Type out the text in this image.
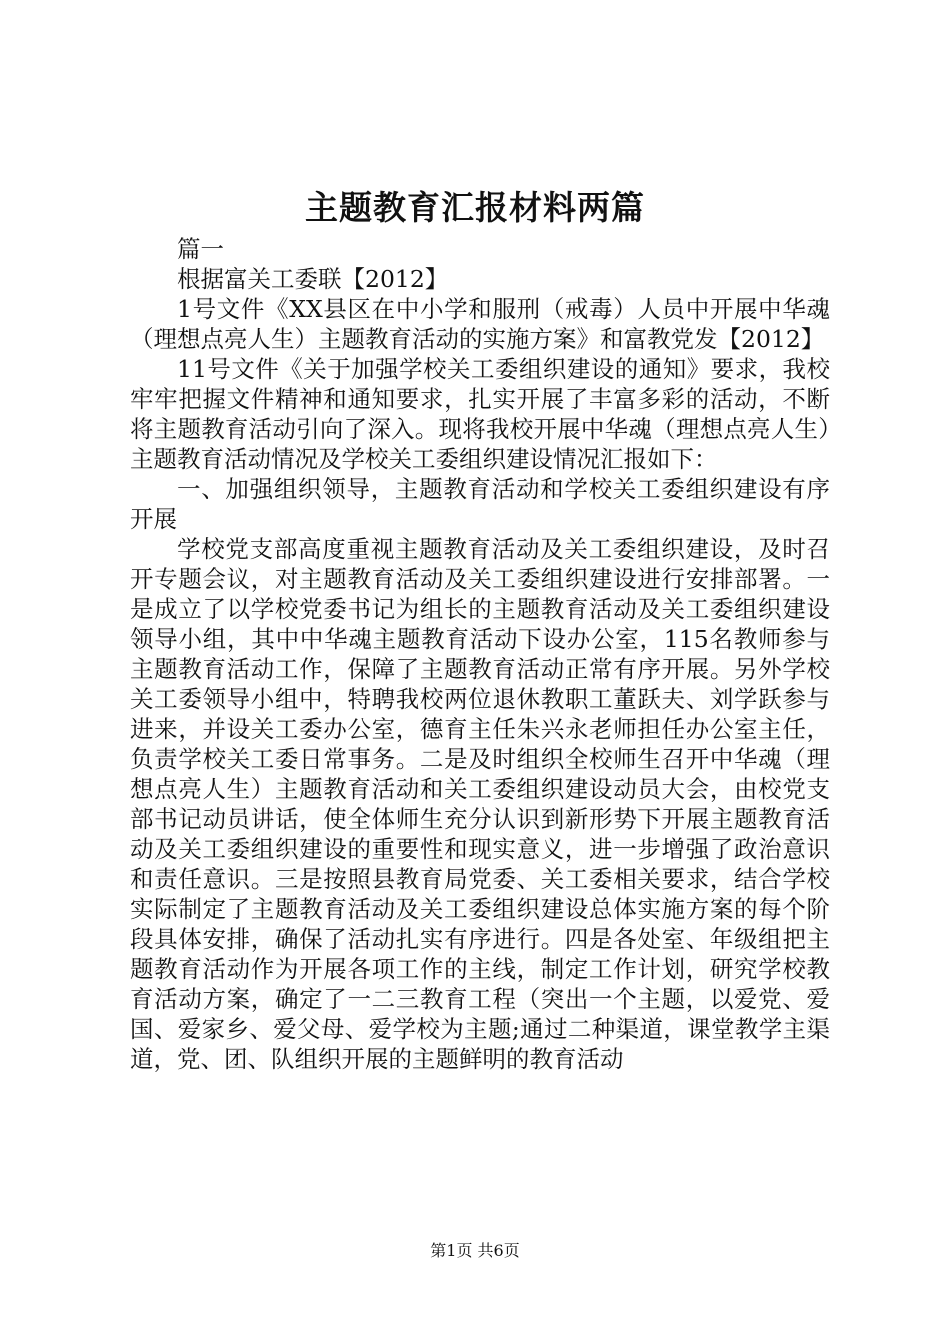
主题教育汇报材料两篇

篇一

根据富关工委联【2012】

1号文件《XX县区在中小学和服刑（戒毒）人员中开展中华魂（理想点亮人生）主题教育活动的实施方案》和富教党发【2012】

11号文件《关于加强学校关工委组织建设的通知》要求，我校牢牢把握文件精神和通知要求，扎实开展了丰富多彩的活动，不断将主题教育活动引向了深入。现将我校开展中华魂（理想点亮人生）主题教育活动情况及学校关工委组织建设情况汇报如下：

一、加强组织领导，主题教育活动和学校关工委组织建设有序开展

学校党支部高度重视主题教育活动及关工委组织建设，及时召开专题会议，对主题教育活动及关工委组织建设进行安排部署。一是成立了以学校党委书记为组长的主题教育活动及关工委组织建设领导小组，其中中华魂主题教育活动下设办公室，115名教师参与主题教育活动工作，保障了主题教育活动正常有序开展。另外学校关工委领导小组中，特聘我校两位退休教职工董跃夫、刘学跃参与进来，并设关工委办公室，德育主任朱兴永老师担任办公室主任，负责学校关工委日常事务。二是及时组织全校师生召开中华魂（理想点亮人生）主题教育活动和关工委组织建设动员大会，由校党支部书记动员讲话，使全体师生充分认识到新形势下开展主题教育活动及关工委组织建设的重要性和现实意义，进一步增强了政治意识和责任意识。三是按照县教育局党委、关工委相关要求，结合学校实际制定了主题教育活动及关工委组织建设总体实施方案的每个阶段具体安排，确保了活动扎实有序进行。四是各处室、年级组把主题教育活动作为开展各项工作的主线，制定工作计划，研究学校教育活动方案，确定了一二三教育工程（突出一个主题，以爱党、爱国、爱家乡、爱父母、爱学校为主题;通过二种渠道，课堂教学主渠道，党、团、队组织开展的主题鲜明的教育活动

第1页 共6页
